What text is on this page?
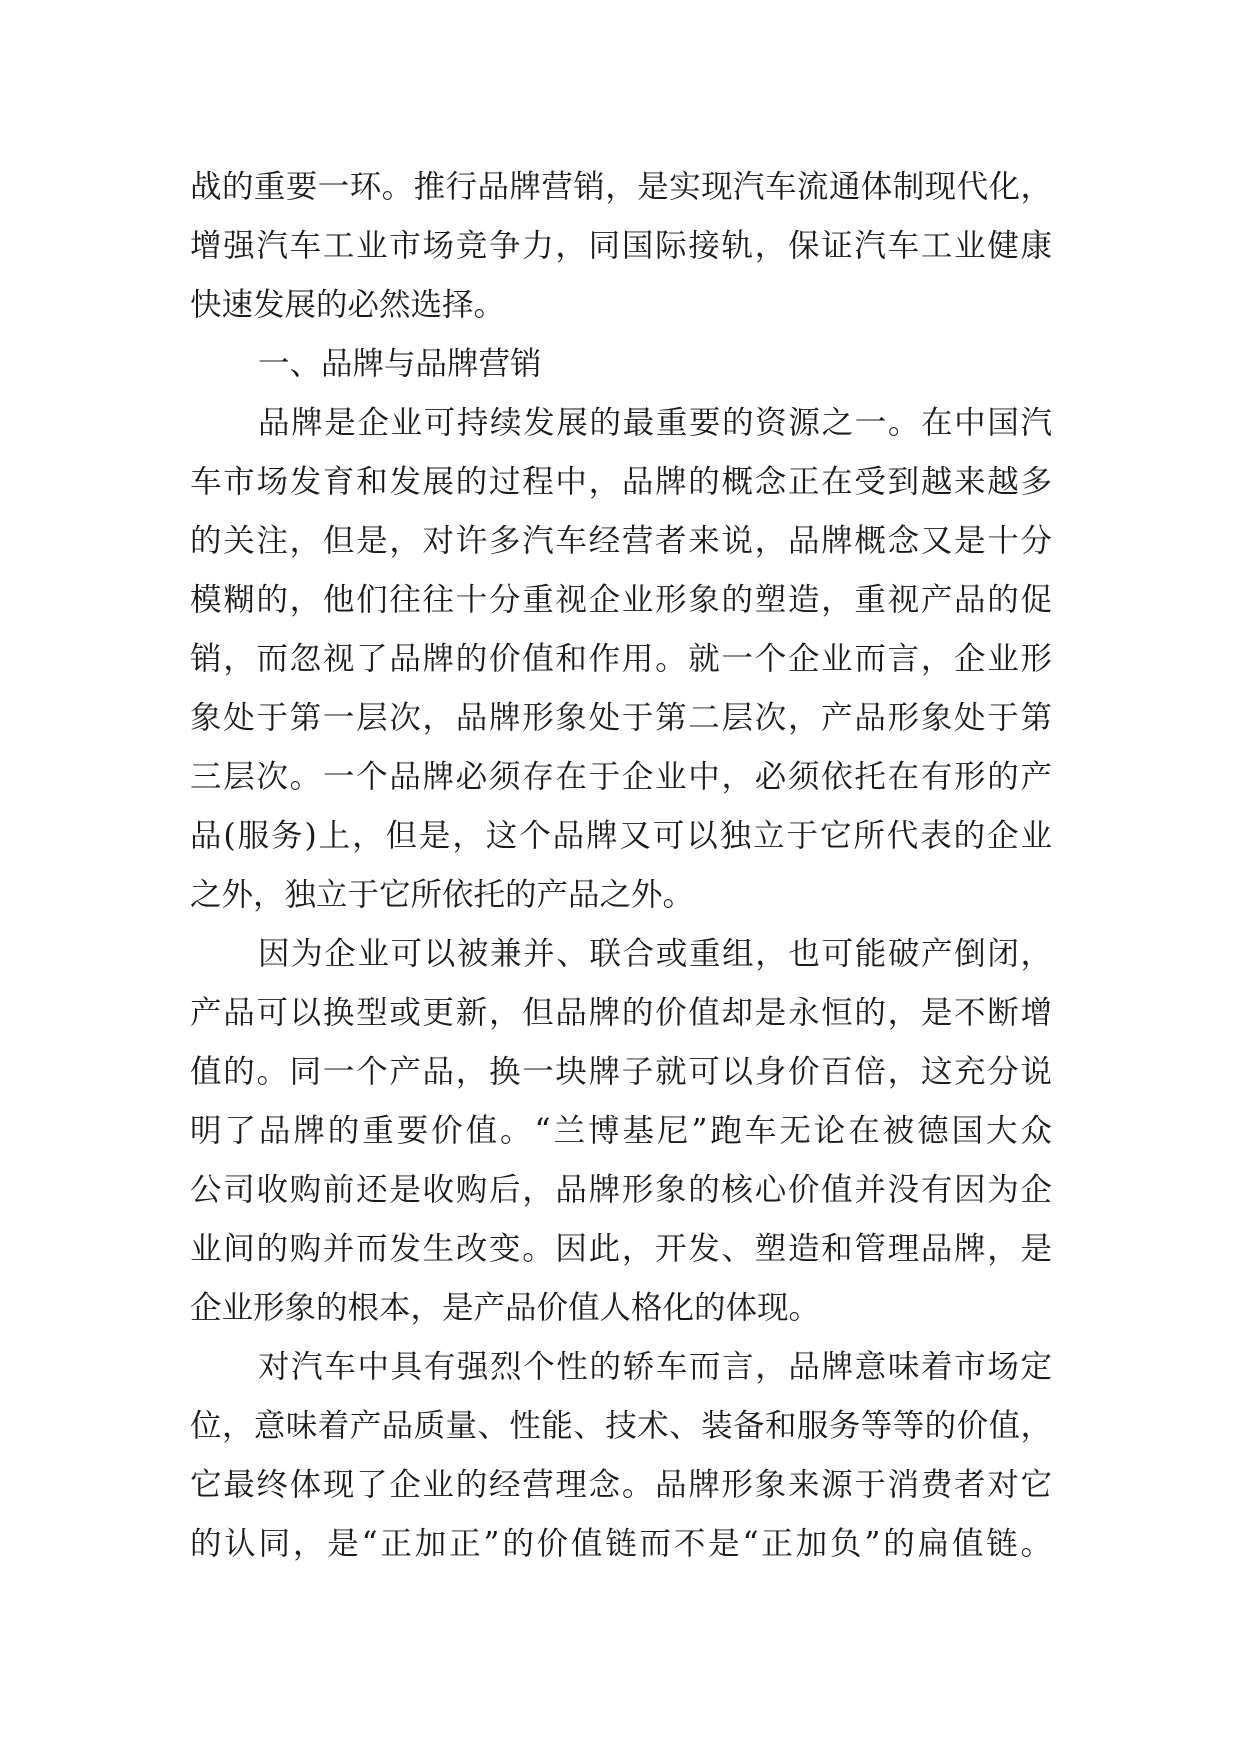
战的重要一环。推行品牌营销，是实现汽车流通体制现代化，
增强汽车工业市场竞争力，同国际接轨，保证汽车工业健康
快速发展的必然选择。
一、品牌与品牌营销
品牌是企业可持续发展的最重要的资源之一。在中国汽
车市场发育和发展的过程中，品牌的概念正在受到越来越多
的关注，但是，对许多汽车经营者来说，品牌概念又是十分
模糊的，他们往往十分重视企业形象的塑造，重视产品的促
销，而忽视了品牌的价值和作用。就一个企业而言，企业形
象处于第一层次，品牌形象处于第二层次，产品形象处于第
三层次。一个品牌必须存在于企业中，必须依托在有形的产
品(服务)上，但是，这个品牌又可以独立于它所代表的企业
之外，独立于它所依托的产品之外。
因为企业可以被兼并、联合或重组，也可能破产倒闭，
产品可以换型或更新，但品牌的价值却是永恒的，是不断增
值的。同一个产品，换一块牌子就可以身价百倍，这充分说
明了品牌的重要价值。“兰博基尼”跑车无论在被德国大众
公司收购前还是收购后，品牌形象的核心价值并没有因为企
业间的购并而发生改变。因此，开发、塑造和管理品牌，是
企业形象的根本，是产品价值人格化的体现。
对汽车中具有强烈个性的轿车而言，品牌意味着市场定
位，意味着产品质量、性能、技术、装备和服务等等的价值，
它最终体现了企业的经营理念。品牌形象来源于消费者对它
的认同，是“正加正”的价值链而不是“正加负”的扁值链。
